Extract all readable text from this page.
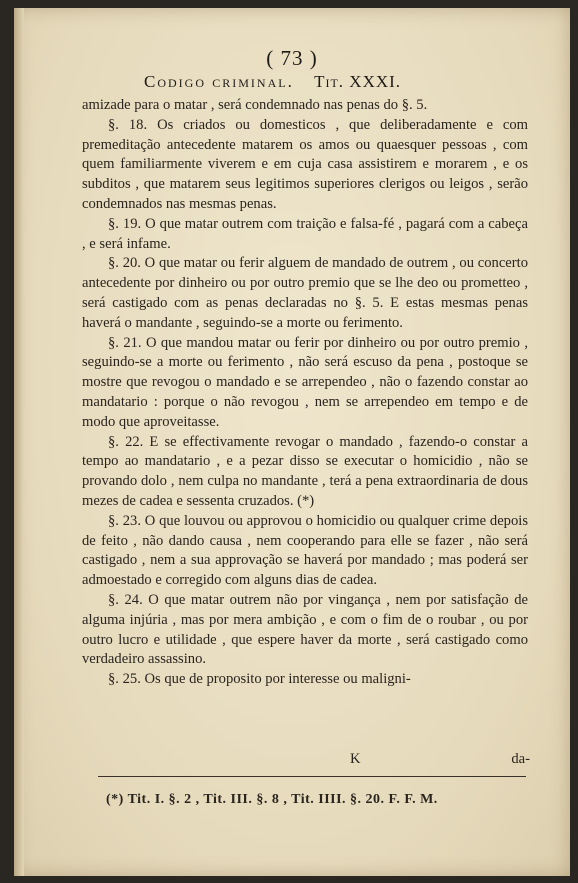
( 73 )
Codigo criminal. Tit. XXXI.

amizade para o matar , será condemnado nas penas do §. 5.

§. 18. Os criados ou domesticos , que deliberadamente e com premeditação antecedente matarem os amos ou quaesquer pessoas , com quem familiarmente viverem e em cuja casa assistirem e morarem , e os subditos , que matarem seus legitimos superiores clerigos ou leigos , serão condemnados nas mesmas penas.

§. 19. O que matar outrem com traição e falsa-fé , pagará com a cabeça , e será infame.

§. 20. O que matar ou ferir alguem de mandado de outrem , ou concerto antecedente por dinheiro ou por outro premio que se lhe deo ou prometteo , será castigado com as penas declaradas no §. 5. E estas mesmas penas haverá o mandante , seguindo-se a morte ou ferimento.

§. 21. O que mandou matar ou ferir por dinheiro ou por outro premio , seguindo-se a morte ou ferimento , não será escuso da pena , postoque se mostre que revogou o mandado e se arrependeo , não o fazendo constar ao mandatario : porque o não revogou , nem se arrependeo em tempo e de modo que aproveitasse.

§. 22. E se effectivamente revogar o mandado , fazendo-o constar a tempo ao mandatario , e a pezar disso se executar o homicidio , não se provando dolo , nem culpa no mandante , terá a pena extraordinaria de dous mezes de cadea e sessenta cruzados. (*)

§. 23. O que louvou ou approvou o homicidio ou qualquer crime depois de feito , não dando causa , nem cooperando para elle se fazer , não será castigado , nem a sua approvação se haverá por mandado ; mas poderá ser admoestado e corregido com alguns dias de cadea.

§. 24. O que matar outrem não por vingança , nem por satisfação de alguma injúria , mas por mera ambição , e com o fim de o roubar , ou por outro lucro e utilidade , que espere haver da morte , será castigado como verdadeiro assassino.

§. 25. Os que de proposito por interesse ou maligni-

K	da-
(*) Tit. I. §. 2 , Tit. III. §. 8 , Tit. IIII. §. 20. F. F. M.
